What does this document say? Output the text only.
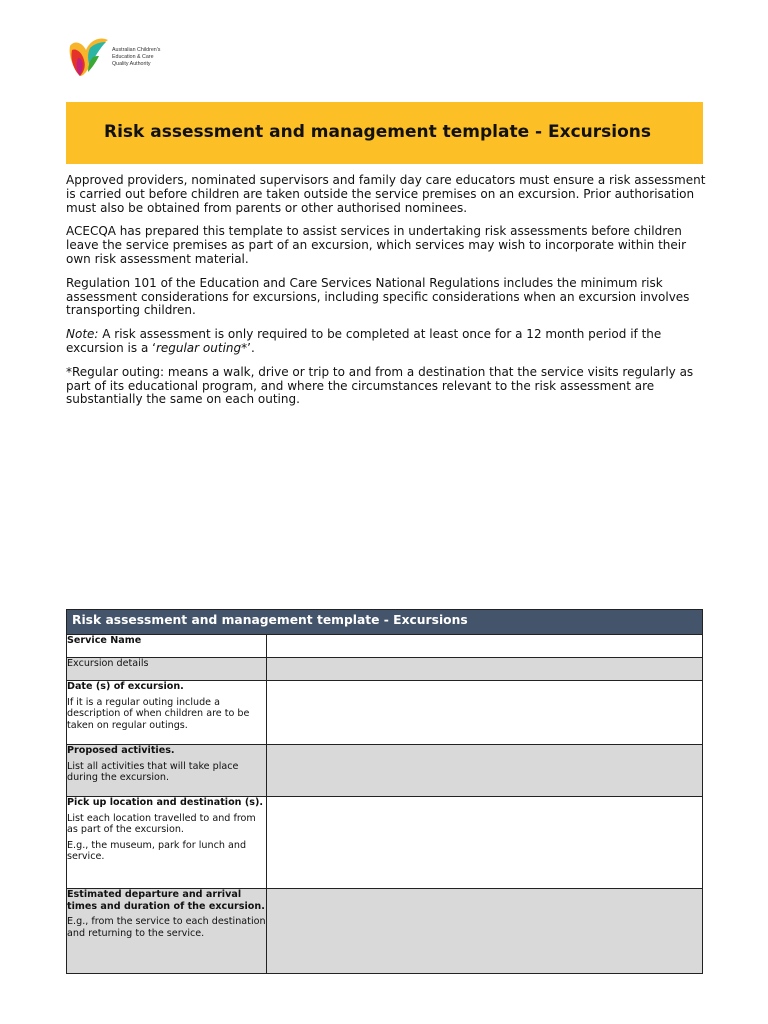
Australian Children's
Education & Care
Quality Authority
Risk assessment and management template - Excursions

Approved providers, nominated supervisors and family day care educators must ensure a risk assessment is carried out before children are taken outside the service premises on an excursion. Prior authorisation must also be obtained from parents or other authorised nominees.

ACECQA has prepared this template to assist services in undertaking risk assessments before children leave the service premises as part of an excursion, which services may wish to incorporate within their own risk assessment material.

Regulation 101 of the Education and Care Services National Regulations includes the minimum risk assessment considerations for excursions, including specific considerations when an excursion involves transporting children.

Note: A risk assessment is only required to be completed at least once for a 12 month period if the excursion is a ‘regular outing*’.

*Regular outing: means a walk, drive or trip to and from a destination that the service visits regularly as part of its educational program, and where the circumstances relevant to the risk assessment are substantially the same on each outing.

Risk assessment and management template - Excursions	

Service Name	

Excursion details	

Date (s) of excursion.
If it is a regular outing include a description of when children are to be taken on regular outings.	

Proposed activities.
List all activities that will take place during the excursion.	

Pick up location and destination (s).
List each location travelled to and from as part of the excursion.
E.g., the museum, park for lunch and service.	

Estimated departure and arrival times and duration of the excursion.
E.g., from the service to each destination and returning to the service.	
